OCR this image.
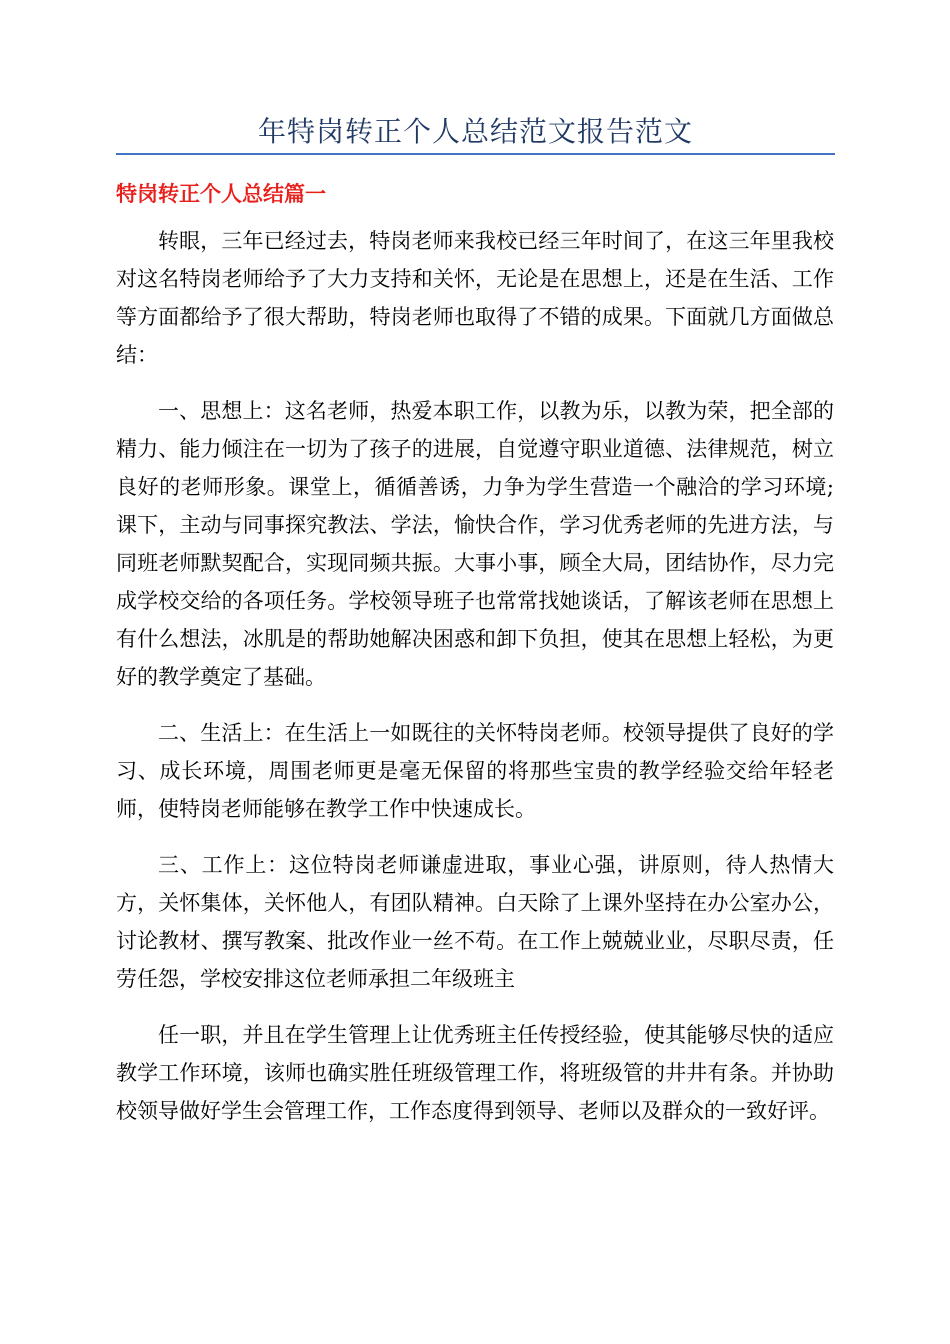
年特岗转正个人总结范文报告范文
特岗转正个人总结篇一

转眼，三年已经过去，特岗老师来我校已经三年时间了，在这三年里我校对这名特岗老师给予了大力支持和关怀，无论是在思想上，还是在生活、工作等方面都给予了很大帮助，特岗老师也取得了不错的成果。下面就几方面做总结：

一、思想上：这名老师，热爱本职工作，以教为乐，以教为荣，把全部的精力、能力倾注在一切为了孩子的进展，自觉遵守职业道德、法律规范，树立良好的老师形象。课堂上，循循善诱，力争为学生营造一个融洽的学习环境;课下，主动与同事探究教法、学法，愉快合作，学习优秀老师的先进方法，与同班老师默契配合，实现同频共振。大事小事，顾全大局，团结协作，尽力完成学校交给的各项任务。学校领导班子也常常找她谈话，了解该老师在思想上有什么想法，冰肌是的帮助她解决困惑和卸下负担，使其在思想上轻松，为更好的教学奠定了基础。

二、生活上：在生活上一如既往的关怀特岗老师。校领导提供了良好的学习、成长环境，周围老师更是毫无保留的将那些宝贵的教学经验交给年轻老师，使特岗老师能够在教学工作中快速成长。

三、工作上：这位特岗老师谦虚进取，事业心强，讲原则，待人热情大方，关怀集体，关怀他人，有团队精神。白天除了上课外坚持在办公室办公，讨论教材、撰写教案、批改作业一丝不苟。在工作上兢兢业业，尽职尽责，任劳任怨，学校安排这位老师承担二年级班主

任一职，并且在学生管理上让优秀班主任传授经验，使其能够尽快的适应教学工作环境，该师也确实胜任班级管理工作，将班级管的井井有条。并协助校领导做好学生会管理工作，工作态度得到领导、老师以及群众的一致好评。
